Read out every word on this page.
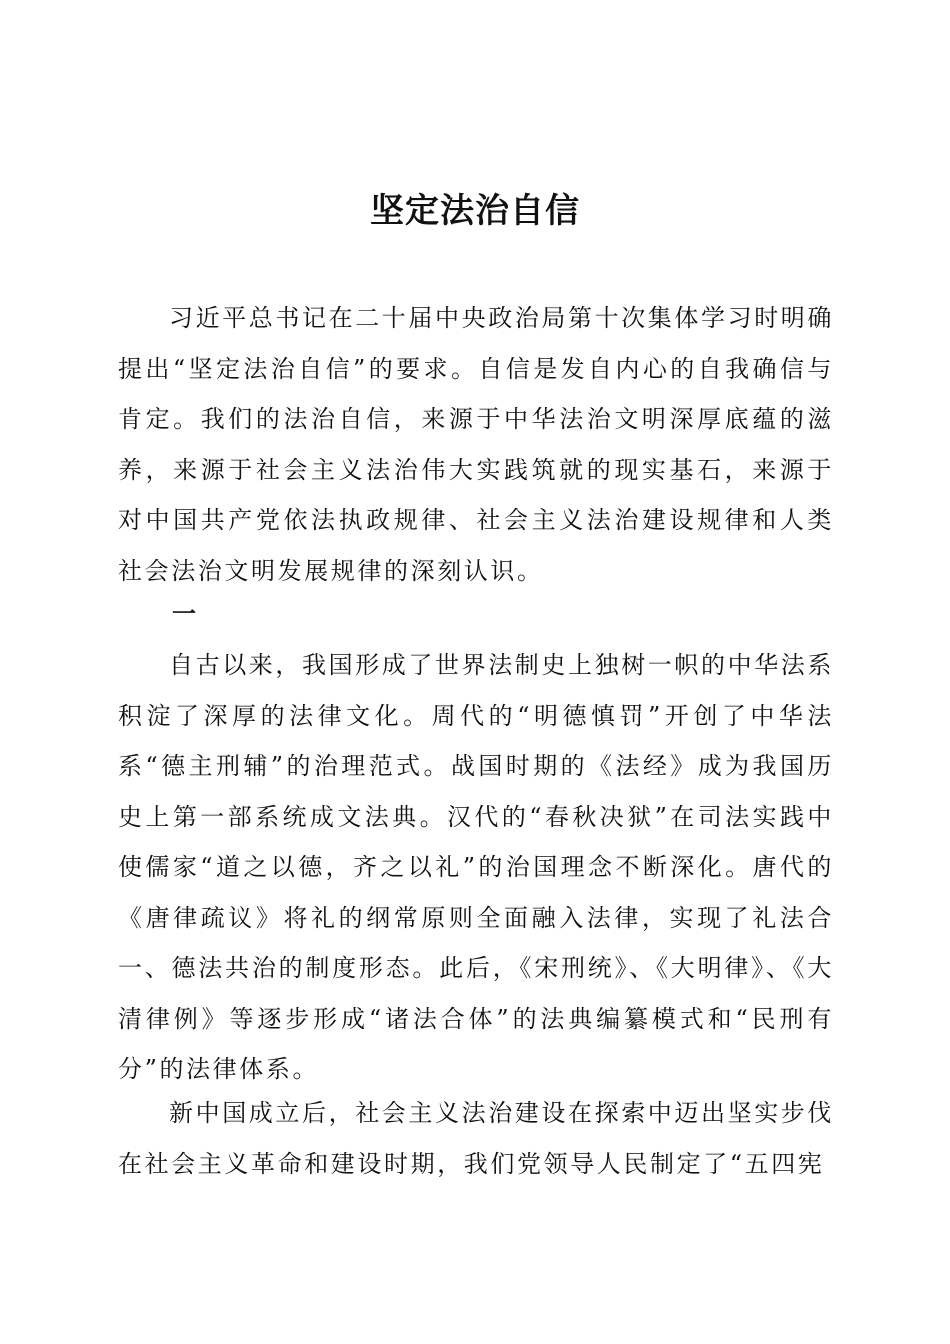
坚定法治自信

习近平总书记在二十届中央政治局第十次集体学习时明确提出“坚定法治自信”的要求。自信是发自内心的自我确信与肯定。我们的法治自信，来源于中华法治文明深厚底蕴的滋养，来源于社会主义法治伟大实践筑就的现实基石，来源于对中国共产党依法执政规律、社会主义法治建设规律和人类社会法治文明发展规律的深刻认识。

一

自古以来，我国形成了世界法制史上独树一帜的中华法系积淀了深厚的法律文化。周代的“明德慎罚”开创了中华法系“德主刑辅”的治理范式。战国时期的《法经》成为我国历史上第一部系统成文法典。汉代的“春秋决狱”在司法实践中使儒家“道之以德，齐之以礼”的治国理念不断深化。唐代的《唐律疏议》将礼的纲常原则全面融入法律，实现了礼法合一、德法共治的制度形态。此后，《宋刑统》、《大明律》、《大清律例》等逐步形成“诸法合体”的法典编纂模式和“民刑有分”的法律体系。

新中国成立后，社会主义法治建设在探索中迈出坚实步伐在社会主义革命和建设时期，我们党领导人民制定了“五四宪
